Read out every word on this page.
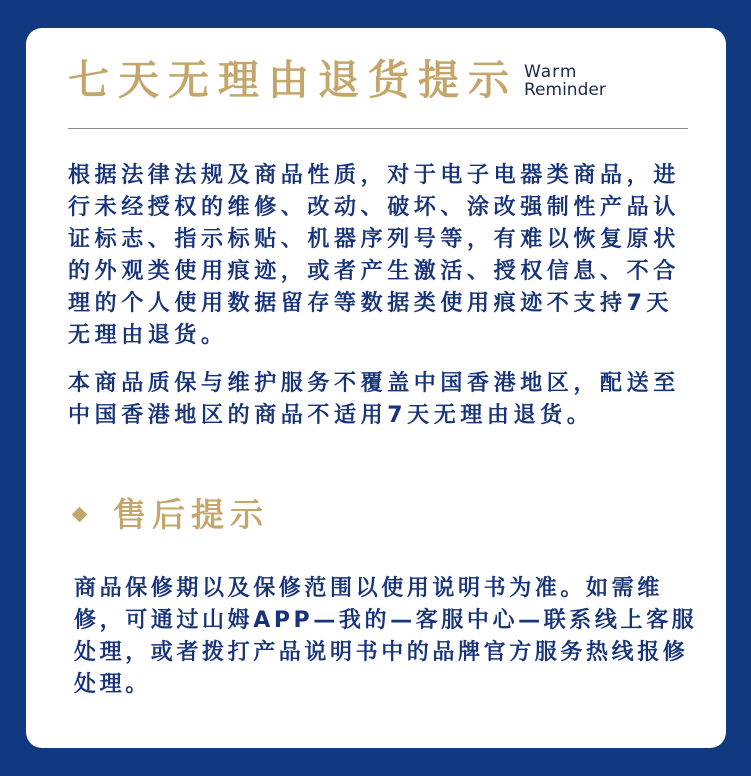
七天无理由退货提示 Warm
Reminder

根据法律法规及商品性质，对于电子电器类商品，进行未经授权的维修、改动、破坏、涂改强制性产品认证标志、指示标贴、机器序列号等，有难以恢复原状的外观类使用痕迹，或者产生激活、授权信息、不合理的个人使用数据留存等数据类使用痕迹不支持7天无理由退货。

本商品质保与维护服务不覆盖中国香港地区，配送至中国香港地区的商品不适用7天无理由退货。

售后提示

商品保修期以及保修范围以使用说明书为准。如需维修，可通过山姆APP—我的—客服中心—联系线上客服处理，或者拨打产品说明书中的品牌官方服务热线报修处理。
